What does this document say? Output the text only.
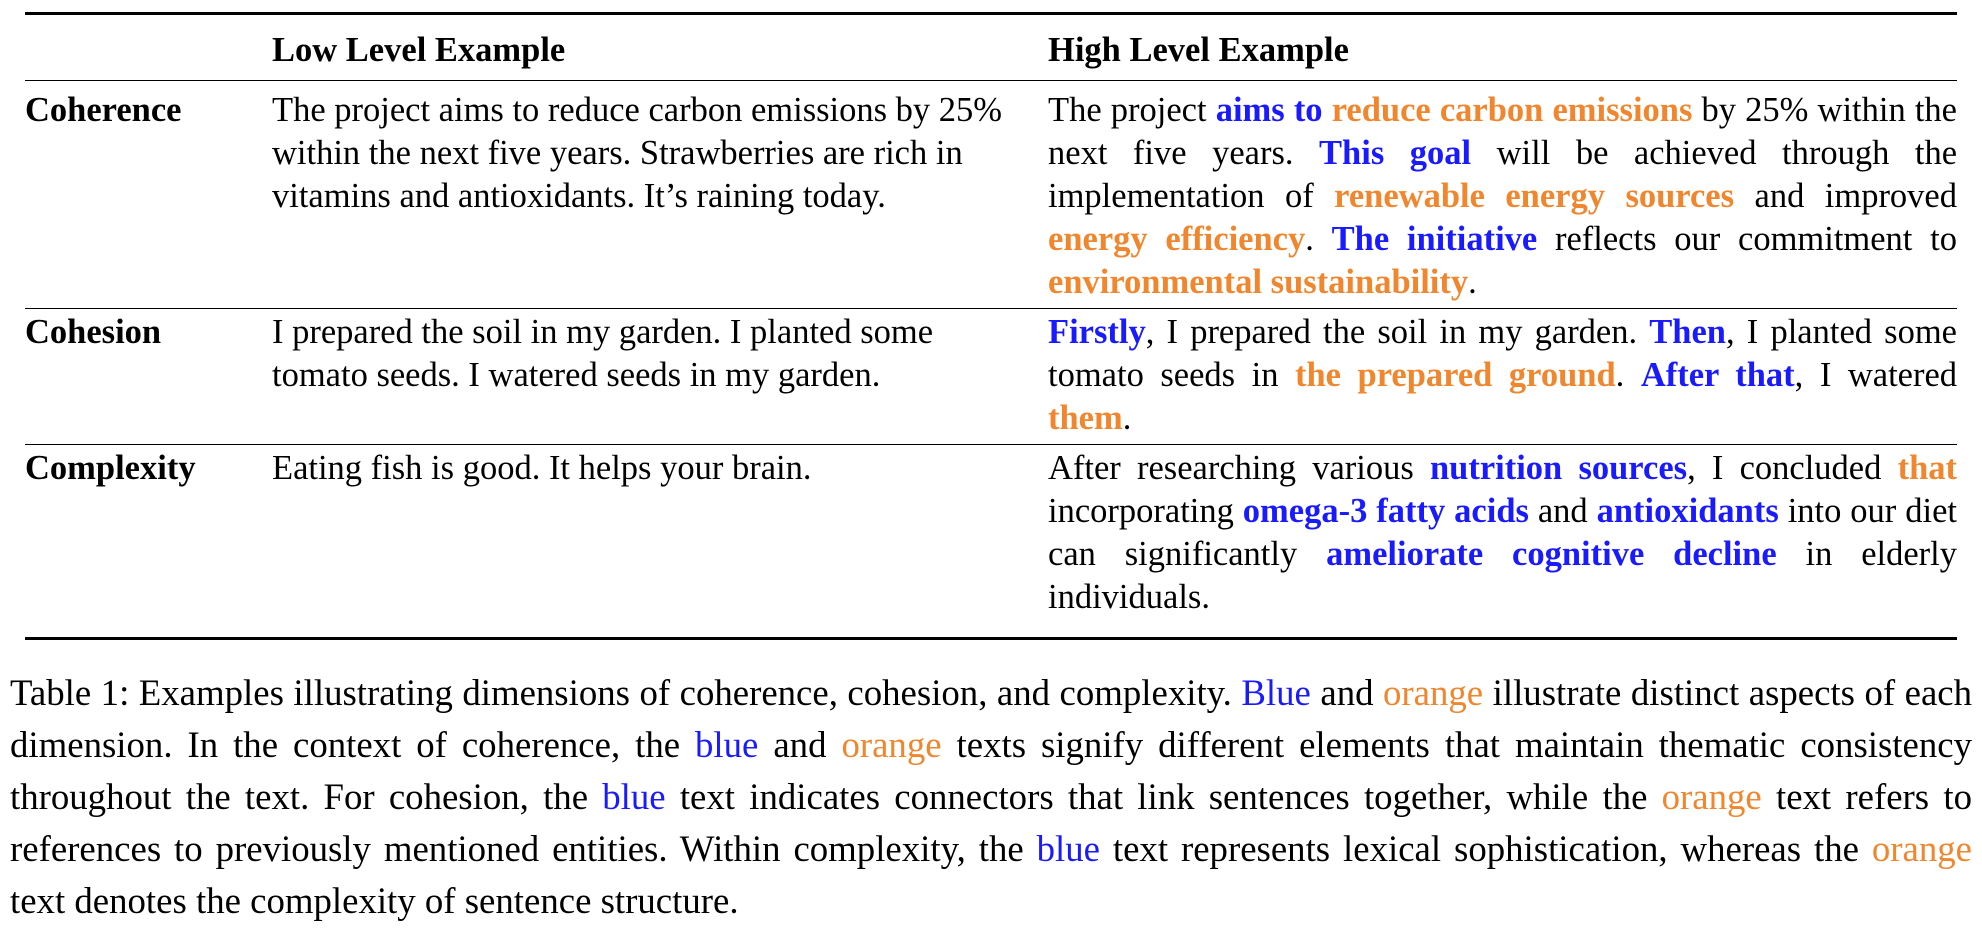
	Low Level Example	High Level Example
Coherence	The project aims to reduce carbon emissions by 25% within the next five years. Strawberries are rich in vitamins and antioxidants. It’s raining today.	The project aims to reduce carbon emissions by 25% within the next five years. This goal will be achieved through the implementation of renewable energy sources and improved energy efficiency. The initiative reflects our commitment to environmental sustainability.
Cohesion	I prepared the soil in my garden. I planted some tomato seeds. I watered seeds in my garden.	Firstly, I prepared the soil in my garden. Then, I planted some tomato seeds in the prepared ground. After that, I watered them.
Complexity	Eating fish is good. It helps your brain.	After researching various nutrition sources, I concluded that incorporating omega-3 fatty acids and antioxidants into our diet can significantly ameliorate cognitive decline in elderly individuals.
Table 1: Examples illustrating dimensions of coherence, cohesion, and complexity. Blue and orange illustrate distinct aspects of each dimension. In the context of coherence, the blue and orange texts signify different elements that maintain thematic consistency throughout the text. For cohesion, the blue text indicates connectors that link sentences together, while the orange text refers to references to previously mentioned entities. Within complexity, the blue text represents lexical sophistication, whereas the orange text denotes the complexity of sentence structure.
